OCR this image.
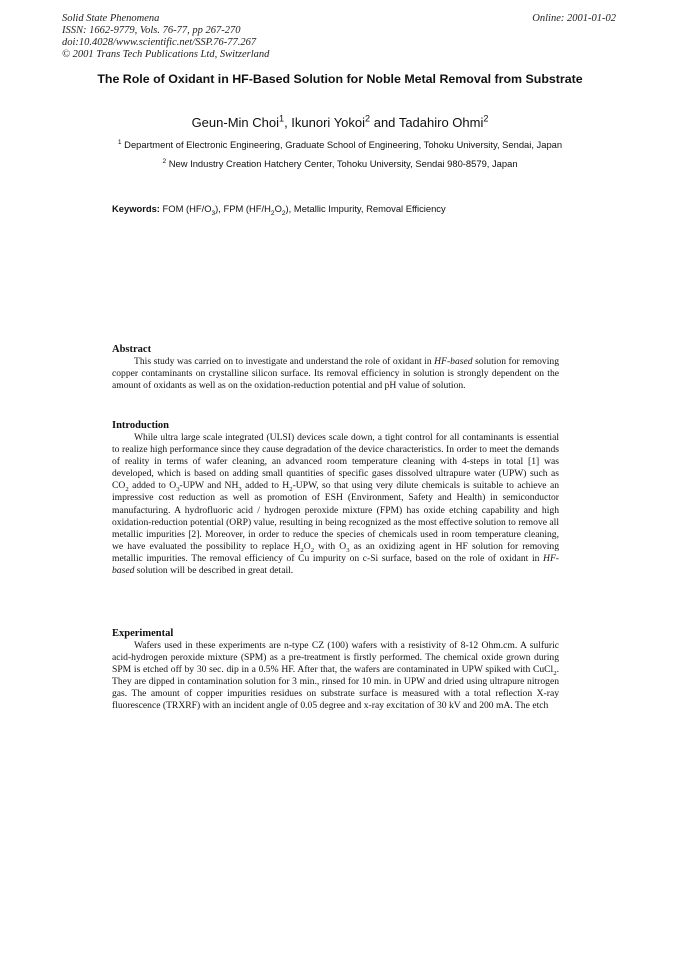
Solid State Phenomena
ISSN: 1662-9779, Vols. 76-77, pp 267-270
doi:10.4028/www.scientific.net/SSP.76-77.267
© 2001 Trans Tech Publications Ltd, Switzerland
Online: 2001-01-02
The Role of Oxidant in HF-Based Solution for Noble Metal Removal from Substrate
Geun-Min Choi$^1$, Ikunori Yokoi$^2$ and Tadahiro Ohmi$^2$
$^1$ Department of Electronic Engineering, Graduate School of Engineering, Tohoku University, Sendai, Japan
$^2$ New Industry Creation Hatchery Center, Tohoku University, Sendai 980-8579, Japan
Keywords: FOM $(HF/O_3)$, FPM $(HF/H_2O_2)$, Metallic Impurity, Removal Efficiency
Abstract

This study was carried on to investigate and understand the role of oxidant in HF-based solution for removing copper contaminants on crystalline silicon surface. Its removal efficiency in solution is strongly dependent on the amount of oxidants as well as on the oxidation-reduction potential and pH value of solution.

Introduction

While ultra large scale integrated (ULSI) devices scale down, a tight control for all contaminants is essential to realize high performance since they cause degradation of the device characteristics. In order to meet the demands of reality in terms of wafer cleaning, an advanced room temperature cleaning with 4-steps in total [1] was developed, which is based on adding small quantities of specific gases dissolved ultrapure water (UPW) such as $CO_2$ added to $O_3$-UPW and $NH_3$ added to $H_2$-UPW, so that using very dilute chemicals is suitable to achieve an impressive cost reduction as well as promotion of ESH (Environment, Safety and Health) in semiconductor manufacturing. A hydrofluoric acid / hydrogen peroxide mixture (FPM) has oxide etching capability and high oxidation-reduction potential (ORP) value, resulting in being recognized as the most effective solution to remove all metallic impurities [2]. Moreover, in order to reduce the species of chemicals used in room temperature cleaning, we have evaluated the possibility to replace $H_2O_2$ with $O_3$ as an oxidizing agent in HF solution for removing metallic impurities. The removal efficiency of Cu impurity on c-Si surface, based on the role of oxidant in HF-based solution will be described in great detail.

Experimental

Wafers used in these experiments are n-type CZ (100) wafers with a resistivity of 8-12 Ohm.cm. A sulfuric acid-hydrogen peroxide mixture (SPM) as a pre-treatment is firstly performed. The chemical oxide grown during SPM is etched off by 30 sec. dip in a 0.5% HF. After that, the wafers are contaminated in UPW spiked with CuCl$_2$. They are dipped in contamination solution for 3 min., rinsed for 10 min. in UPW and dried using ultrapure nitrogen gas. The amount of copper impurities residues on substrate surface is measured with a total reflection X-ray fluorescence (TRXRF) with an incident angle of 0.05 degree and x-ray excitation of 30 kV and 200 mA. The etch
